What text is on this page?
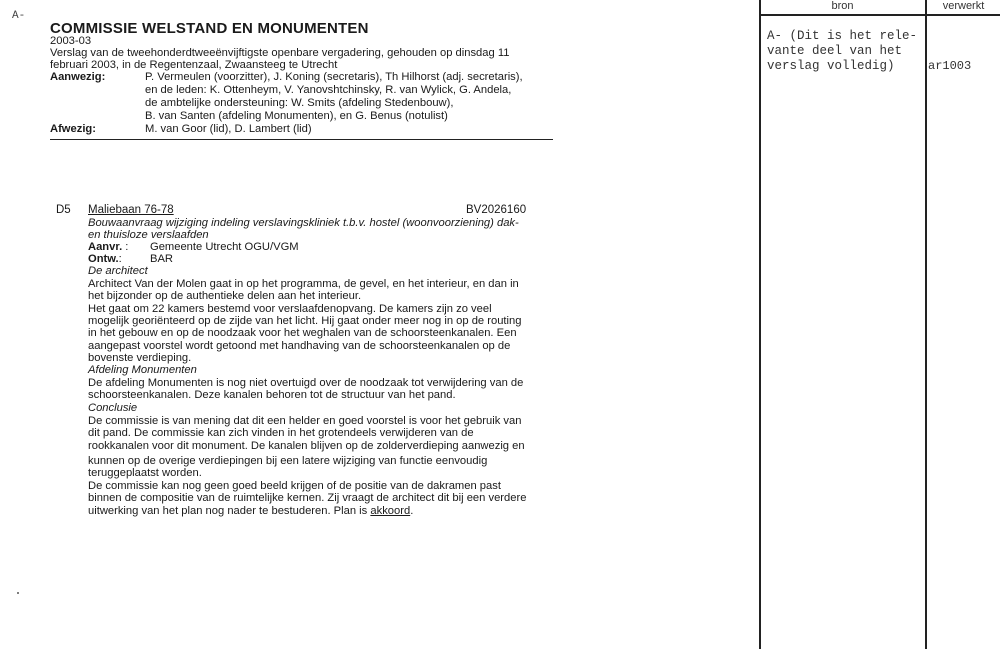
A-
COMMISSIE WELSTAND EN MONUMENTEN
2003-03
Verslag van de tweehonderdtweeënvijftigste openbare vergadering, gehouden op dinsdag 11
februari 2003, in de Regentenzaal, Zwaansteeg te Utrecht
Aanwezig:	P. Vermeulen (voorzitter), J. Koning (secretaris), Th Hilhorst (adj. secretaris),
en de leden: K. Ottenheym, V. Yanovshtchinsky, R. van Wylick, G. Andela,
de ambtelijke ondersteuning: W. Smits (afdeling Stedenbouw),
B. van Santen (afdeling Monumenten), en G. Benus (notulist)
Afwezig:	M. van Goor (lid), D. Lambert (lid)
D5 Maliebaan 76-78	BV2026160
Bouwaanvraag wijziging indeling verslavingskliniek t.b.v. hostel (woonvoorziening) dak-
en thuisloze verslaafden
Aanvr. : Gemeente Utrecht OGU/VGM
Ontw.:	BAR
De architect
Architect Van der Molen gaat in op het programma, de gevel, en het interieur, en dan in
het bijzonder op de authentieke delen aan het interieur.
Het gaat om 22 kamers bestemd voor verslaafdenopvang. De kamers zijn zo veel
mogelijk georiënteerd op de zijde van het licht. Hij gaat onder meer nog in op de routing
in het gebouw en op de noodzaak voor het weghalen van de schoorsteenkanalen. Een
aangepast voorstel wordt getoond met handhaving van de schoorsteenkanalen op de
bovenste verdieping.
Afdeling Monumenten
De afdeling Monumenten is nog niet overtuigd over de noodzaak tot verwijdering van de
schoorsteenkanalen. Deze kanalen behoren tot de structuur van het pand.
Conclusie
De commissie is van mening dat dit een helder en goed voorstel is voor het gebruik van
dit pand. De commissie kan zich vinden in het grotendeels verwijderen van de
rookkanalen voor dit monument. De kanalen blijven op de zolderverdieping aanwezig en
kunnen op de overige verdiepingen bij een latere wijziging van functie eenvoudig
teruggeplaatst worden.
De commissie kan nog geen goed beeld krijgen of de positie van de dakramen past
binnen de compositie van de ruimtelijke kernen. Zij vraagt de architect dit bij een verdere
uitwerking van het plan nog nader te bestuderen. Plan is akkoord.
bron	verwerkt
A- (Dit is het rele-
vante deel van het
verslag volledig)	ar1003
